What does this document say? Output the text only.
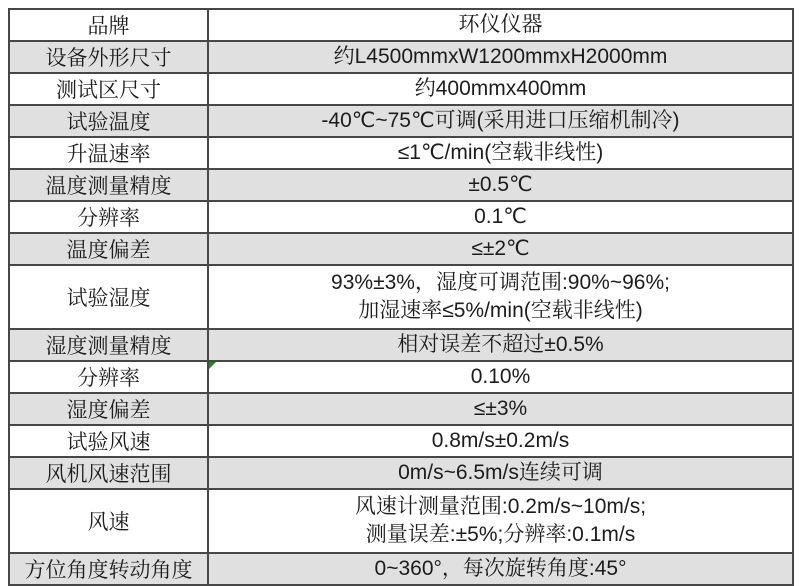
品牌	环仪仪器

设备外形尺寸	约L4500mmxW1200mmxH2000mm

测试区尺寸	约400mmx400mm

试验温度	-40℃~75℃可调(采用进口压缩机制冷)

升温速率	≤1℃/min(空载非线性)

温度测量精度	±0.5℃

分辨率	0.1℃

温度偏差	≤±2℃

试验湿度	93%±3%，湿度可调范围:90%~96%;
加湿速率≤5%/min(空载非线性)

湿度测量精度	相对误差不超过±0.5%

分辨率	0.10%

湿度偏差	≤±3%

试验风速	0.8m/s±0.2m/s

风机风速范围	0m/s~6.5m/s连续可调

风速	风速计测量范围:0.2m/s~10m/s;
测量误差:±5%;分辨率:0.1m/s

方位角度转动角度	0~360°，每次旋转角度:45°
